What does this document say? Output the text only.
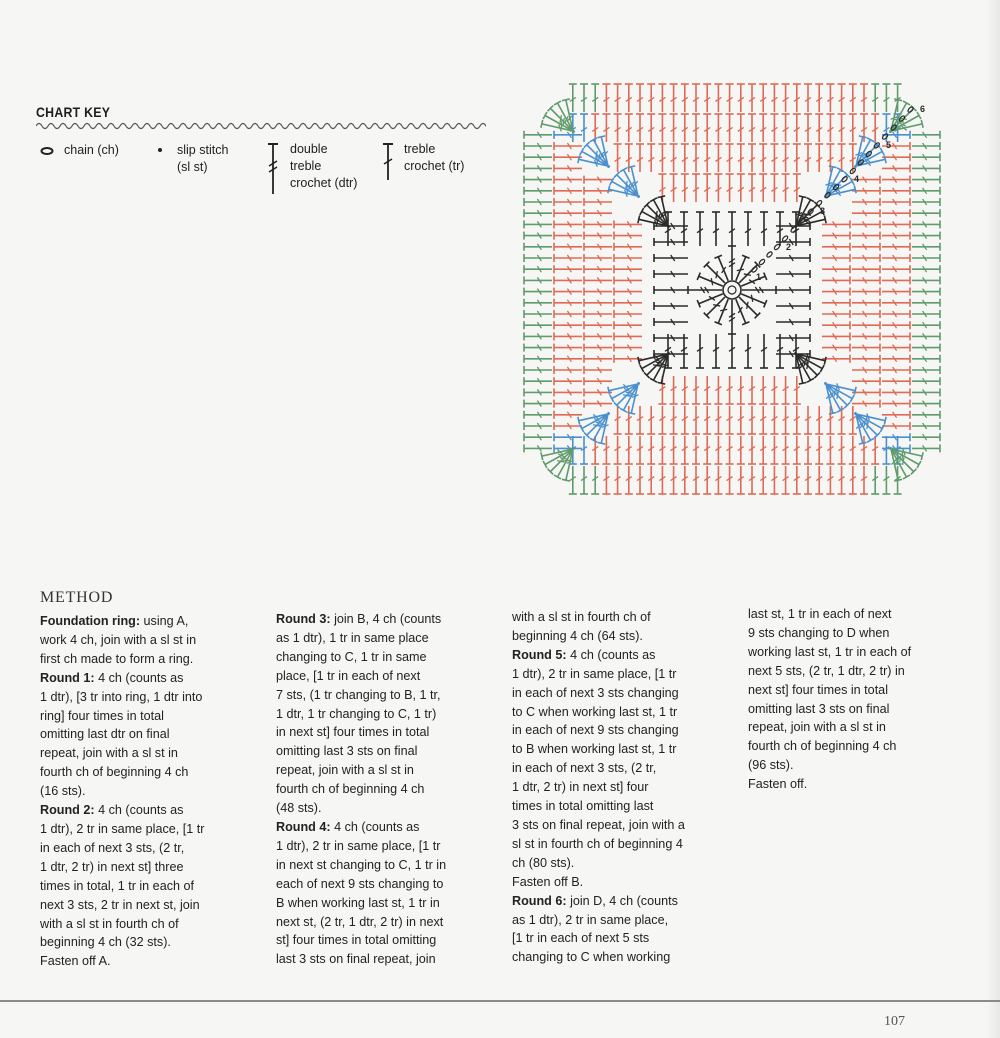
CHART KEY
chain (ch)	slip stitch
(sl st)
double
treble
crochet (dtr)
treble
crochet (tr)
1
2
3
4
5
6
METHOD

Foundation ring: using A,

work 4 ch, join with a sl st in

first ch made to form a ring.

Round 1: 4 ch (counts as

1 dtr), [3 tr into ring, 1 dtr into

ring] four times in total

omitting last dtr on final

repeat, join with a sl st in

fourth ch of beginning 4 ch

(16 sts).

Round 2: 4 ch (counts as

1 dtr), 2 tr in same place, [1 tr

in each of next 3 sts, (2 tr,

1 dtr, 2 tr) in next st] three

times in total, 1 tr in each of

next 3 sts, 2 tr in next st, join

with a sl st in fourth ch of

beginning 4 ch (32 sts).

Fasten off A.

Round 3: join B, 4 ch (counts

as 1 dtr), 1 tr in same place

changing to C, 1 tr in same

place, [1 tr in each of next

7 sts, (1 tr changing to B, 1 tr,

1 dtr, 1 tr changing to C, 1 tr)

in next st] four times in total

omitting last 3 sts on final

repeat, join with a sl st in

fourth ch of beginning 4 ch

(48 sts).

Round 4: 4 ch (counts as

1 dtr), 2 tr in same place, [1 tr

in next st changing to C, 1 tr in

each of next 9 sts changing to

B when working last st, 1 tr in

next st, (2 tr, 1 dtr, 2 tr) in next

st] four times in total omitting

last 3 sts on final repeat, join

with a sl st in fourth ch of

beginning 4 ch (64 sts).

Round 5: 4 ch (counts as

1 dtr), 2 tr in same place, [1 tr

in each of next 3 sts changing

to C when working last st, 1 tr

in each of next 9 sts changing

to B when working last st, 1 tr

in each of next 3 sts, (2 tr,

1 dtr, 2 tr) in next st] four

times in total omitting last

3 sts on final repeat, join with a

sl st in fourth ch of beginning 4

ch (80 sts).

Fasten off B.

Round 6: join D, 4 ch (counts

as 1 dtr), 2 tr in same place,

[1 tr in each of next 5 sts

changing to C when working

last st, 1 tr in each of next

9 sts changing to D when

working last st, 1 tr in each of

next 5 sts, (2 tr, 1 dtr, 2 tr) in

next st] four times in total

omitting last 3 sts on final

repeat, join with a sl st in

fourth ch of beginning 4 ch

(96 sts).

Fasten off.

107
